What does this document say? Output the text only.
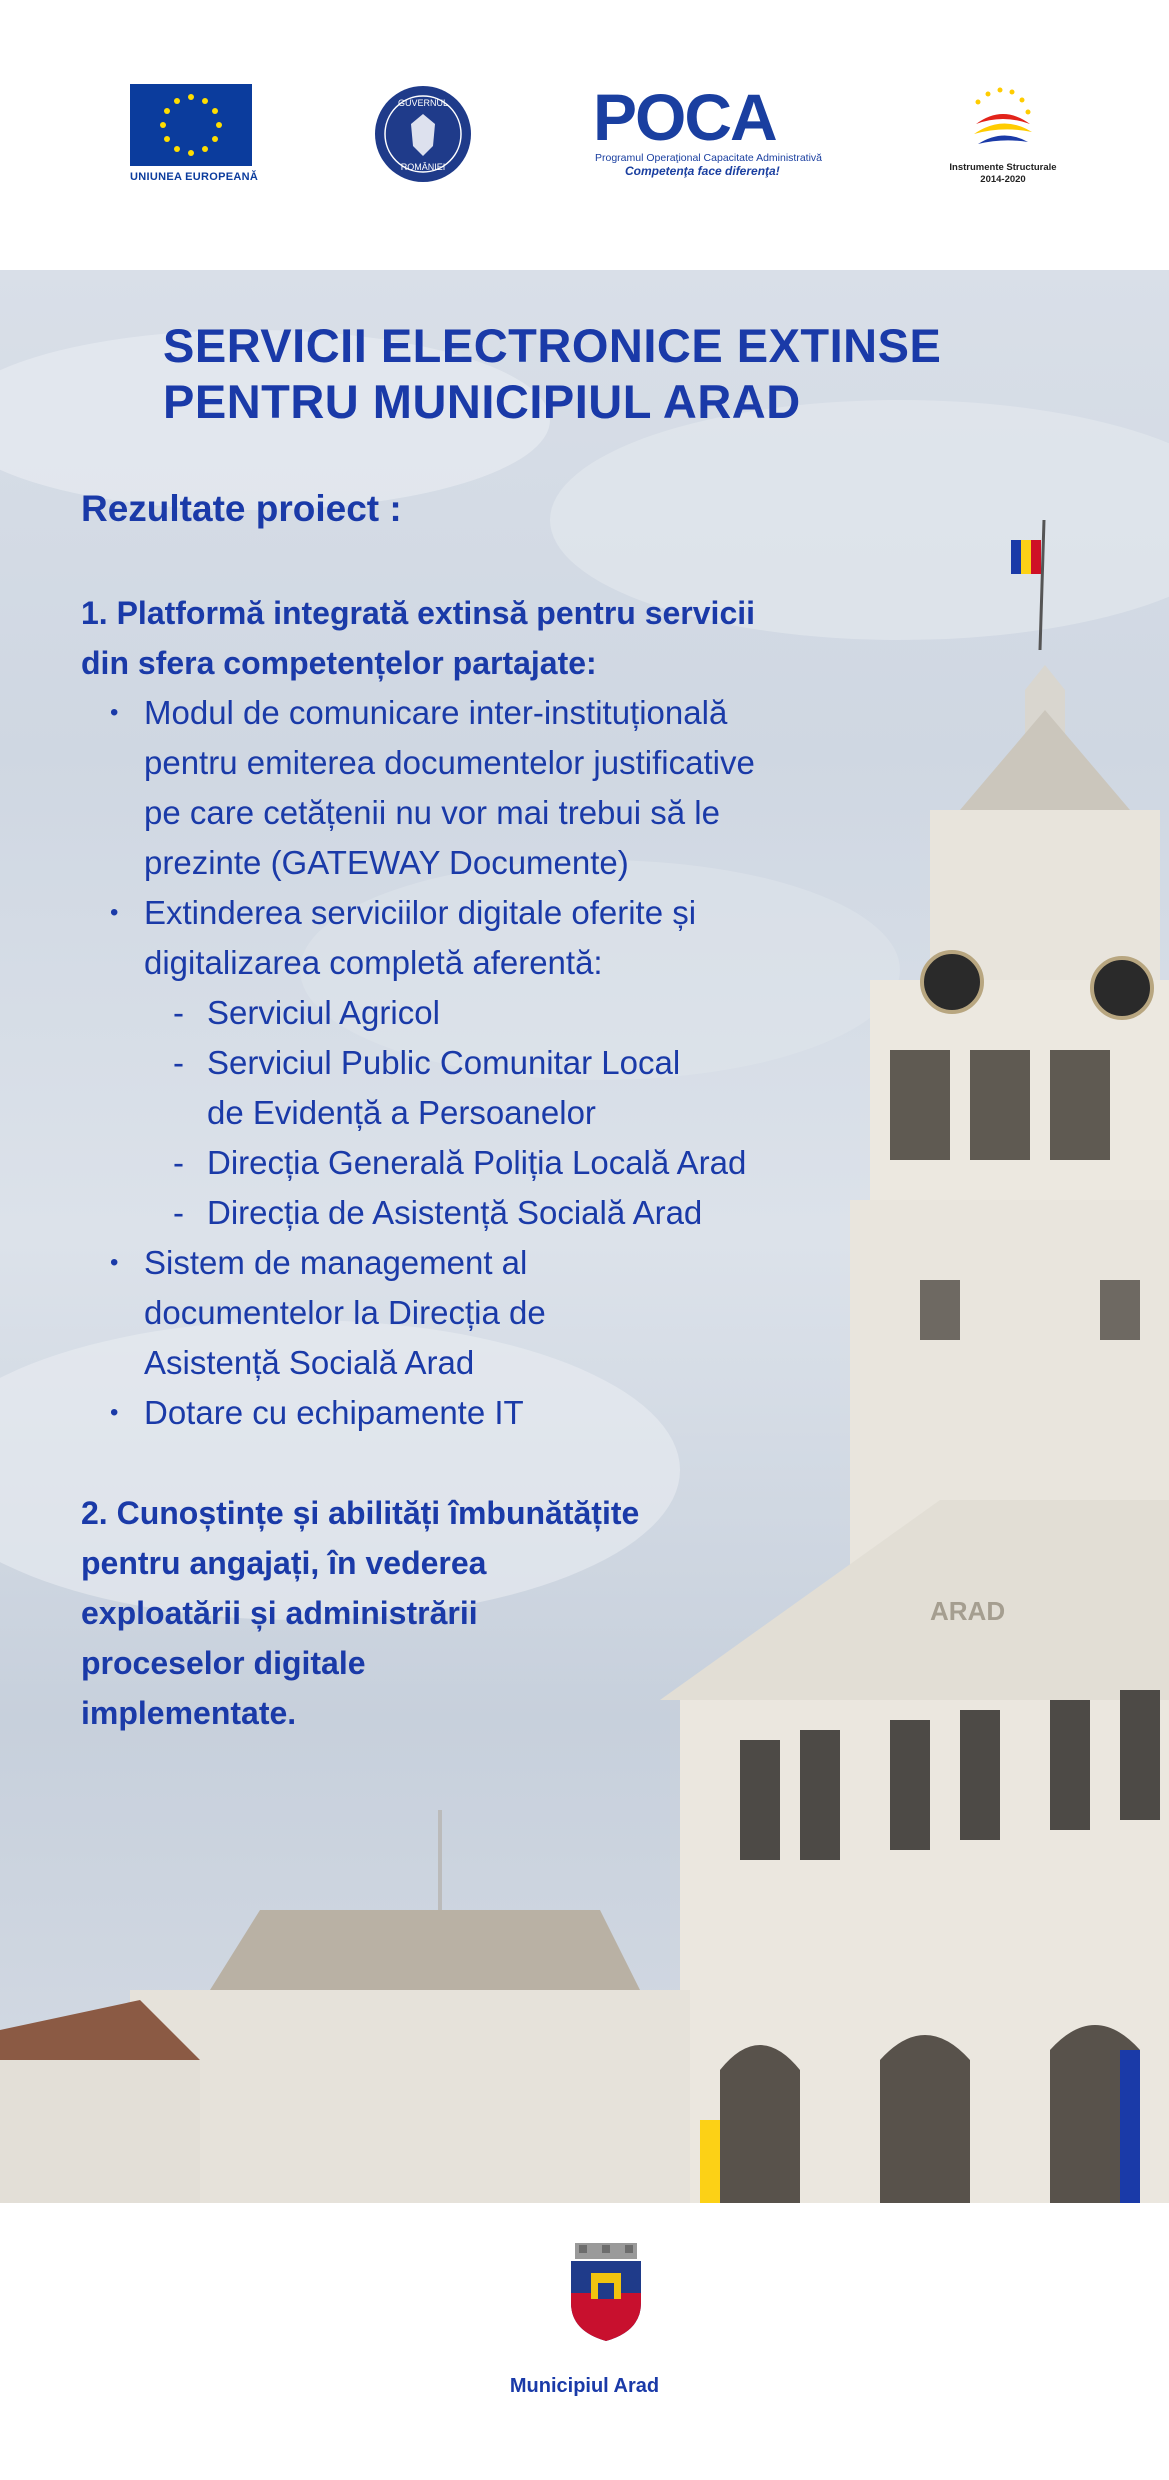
UNIUNEA EUROPEANĂ
GUVERNUL
ROMÂNIEI
POCA
Programul Operaţional Capacitate Administrativă
Competenţa face diferenţa!	Instrumente Structurale
2014-2020
ARAD
SERVICII ELECTRONICE EXTINSE
PENTRU MUNICIPIUL ARAD
Rezultate proiect :
1. Platformă integrată extinsă pentru servicii
din sfera competențelor partajate:
• Modul de comunicare inter-instituțională
pentru emiterea documentelor justificative
pe care cetățenii nu vor mai trebui să le
prezinte (GATEWAY Documente)
• Extinderea serviciilor digitale oferite și
digitalizarea completă aferentă:
- Serviciul Agricol
- Serviciul Public Comunitar Local
de Evidență a Persoanelor
- Direcția Generală Poliția Locală Arad
- Direcția de Asistență Socială Arad
• Sistem de management al
documentelor la Direcția de
Asistență Socială Arad
• Dotare cu echipamente IT
2. Cunoștințe și abilități îmbunătățite
pentru angajați, în vederea
exploatării și administrării
proceselor digitale
implementate.
Municipiul Arad
